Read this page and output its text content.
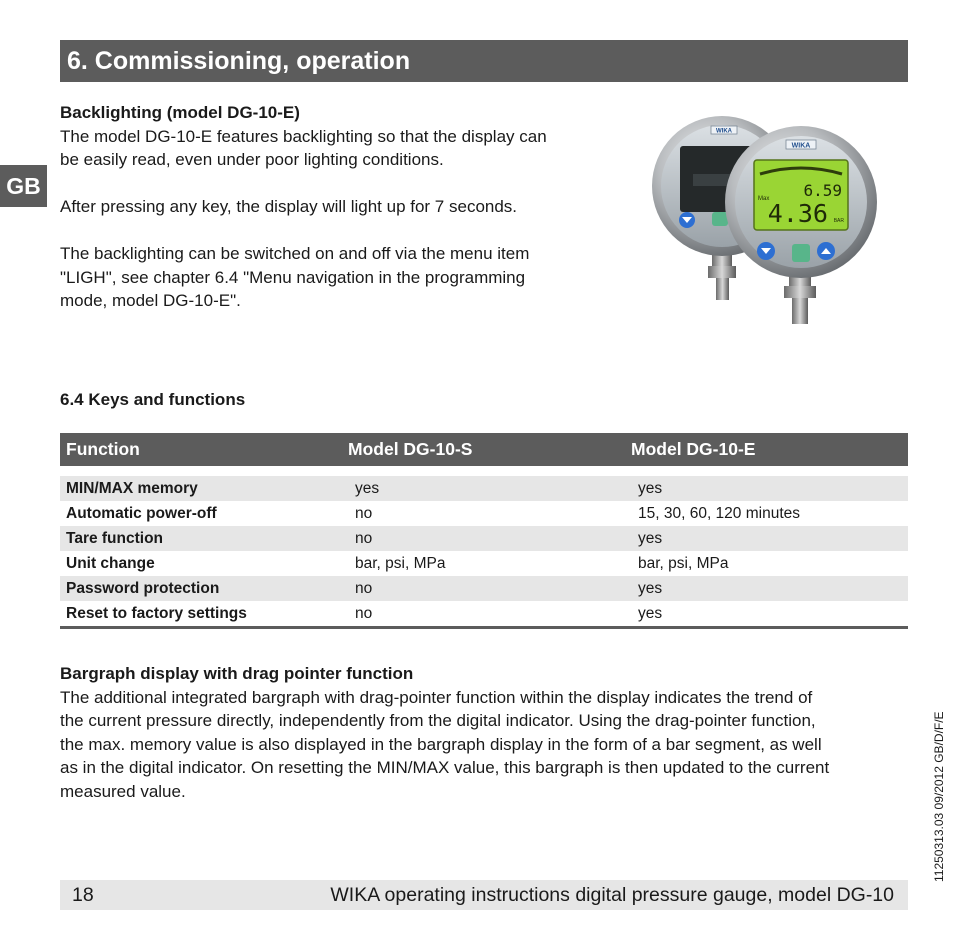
6. Commissioning, operation
GB

Backlighting (model DG-10-E)

The model DG-10-E features backlighting so that the display can

be easily read, even under poor lighting conditions.

After pressing any key, the display will light up for 7 seconds.

The backlighting can be switched on and off via the menu item

"LIGH", see chapter 6.4 "Menu navigation in the programming

mode, model DG-10-E".

WIKA
WIKA
Max 6.59
4.36 BAR
6.4 Keys and functions
Function	Model DG-10-S	Model DG-10-E

MIN/MAX memory	yes	yes
Automatic power-off	no	15, 30, 60, 120 minutes
Tare function	no	yes
Unit change	bar, psi, MPa	bar, psi, MPa
Password protection	no	yes
Reset to factory settings	no	yes

Bargraph display with drag pointer function

The additional integrated bargraph with drag-pointer function within the display indicates the trend of

the current pressure directly, independently from the digital indicator. Using the drag-pointer function,

the max. memory value is also displayed in the bargraph display in the form of a bar segment, as well

as in the digital indicator. On resetting the MIN/MAX value, this bargraph is then updated to the current

measured value.

18	WIKA operating instructions digital pressure gauge, model DG-10
11250313.03 09/2012 GB/D/F/E
